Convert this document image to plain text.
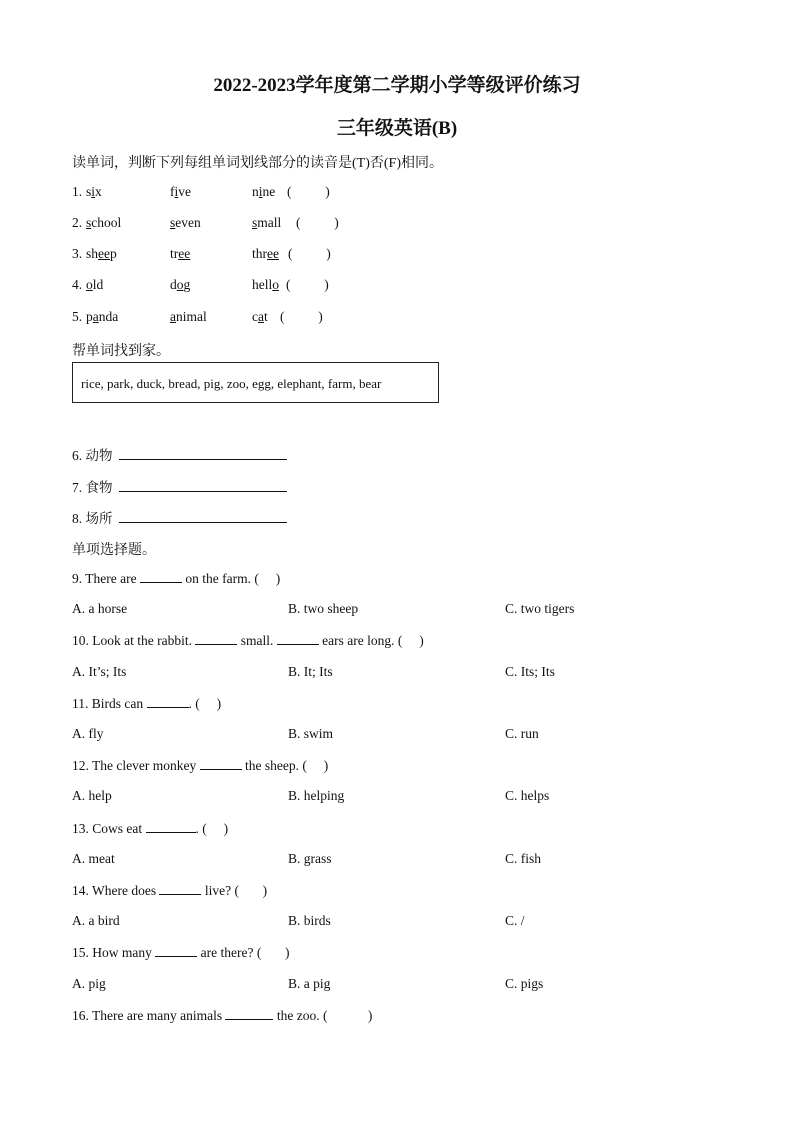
2022-2023学年度第二学期小学等级评价练习
三年级英语(B)
读单词，判断下列每组单词划线部分的读音是(T)否(F)相同。
1. six	five	nine (          )
2. school	seven	small (          )
3. sheep	tree	three (          )
4. old	dog	hello (          )
5. panda	animal	cat (          )
帮单词找到家。
rice, park, duck, bread, pig, zoo, egg, elephant, farm, bear
6. 动物
7. 食物
8. 场所
单项选择题。
9. There are	on the farm. (     )
A. a horse	B. two sheep	C. two tigers
10. Look at the rabbit.	small.	ears are long. (     )
A. It’s; Its	B. It; Its	C. Its; Its
11. Birds can	. (     )
A. fly	B. swim	C. run
12. The clever monkey	the sheep. (     )
A. help	B. helping	C. helps
13. Cows eat	. (     )
A. meat	B. grass	C. fish
14. Where does	live? (       )
A. a bird	B. birds	C. /
15. How many	are there? (       )
A. pig	B. a pig	C. pigs
16. There are many animals	the zoo. (            )
